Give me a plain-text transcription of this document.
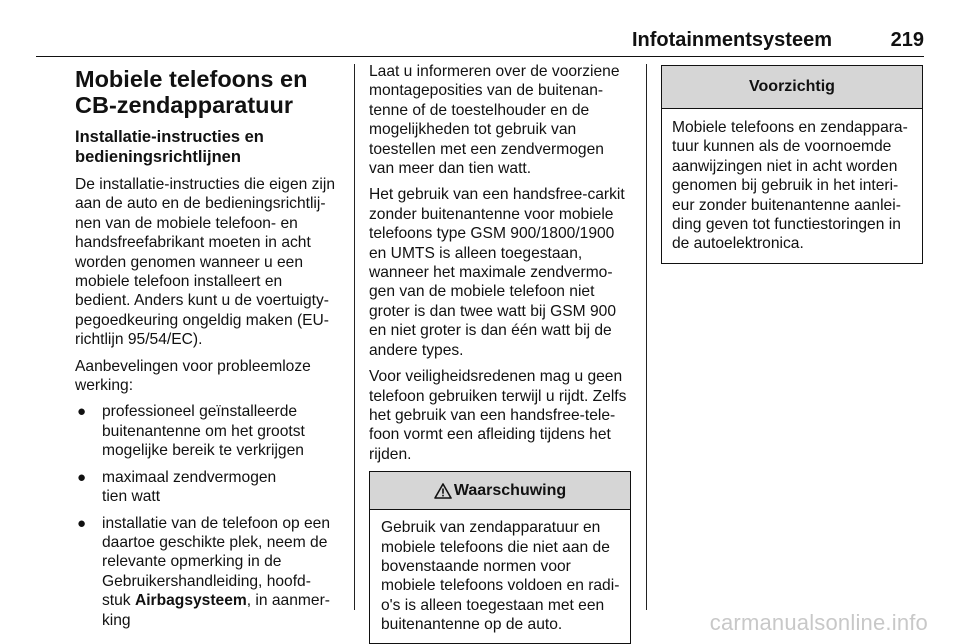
Infotainmentsysteem	219
Mobiele telefoons en
CB-zendapparatuur
Installatie-instructies en
bedieningsrichtlijnen

De installatie-instructies die eigen zijn
aan de auto en de bedieningsrichtlij-
nen van de mobiele telefoon- en
handsfreefabrikant moeten in acht
worden genomen wanneer u een
mobiele telefoon installeert en
bedient. Anders kunt u de voertuigty-
pegoedkeuring ongeldig maken (EU-
richtlijn 95/54/EC).

Aanbevelingen voor probleemloze
werking:

● professioneel geïnstalleerde
buitenantenne om het grootst
mogelijke bereik te verkrijgen
● maximaal zendvermogen
tien watt
● installatie van de telefoon op een
daartoe geschikte plek, neem de
relevante opmerking in de
Gebruikershandleiding, hoofd-
stuk Airbagsysteem, in aanmer-
king

Laat u informeren over de voorziene
montageposities van de buitenan-
tenne of de toestelhouder en de
mogelijkheden tot gebruik van
toestellen met een zendvermogen
van meer dan tien watt.

Het gebruik van een handsfree-carkit
zonder buitenantenne voor mobiele
telefoons type GSM 900/1800/1900
en UMTS is alleen toegestaan,
wanneer het maximale zendvermo-
gen van de mobiele telefoon niet
groter is dan twee watt bij GSM 900
en niet groter is dan één watt bij de
andere types.

Voor veiligheidsredenen mag u geen
telefoon gebruiken terwijl u rijdt. Zelfs
het gebruik van een handsfree-tele-
foon vormt een afleiding tijdens het
rijden.

Waarschuwing
Gebruik van zendapparatuur en
mobiele telefoons die niet aan de
bovenstaande normen voor
mobiele telefoons voldoen en radi-
o's is alleen toegestaan met een
buitenantenne op de auto.
Voorzichtig
Mobiele telefoons en zendappara-
tuur kunnen als de voornoemde
aanwijzingen niet in acht worden
genomen bij gebruik in het interi-
eur zonder buitenantenne aanlei-
ding geven tot functiestoringen in
de autoelektronica.
carmanualsonline.info
